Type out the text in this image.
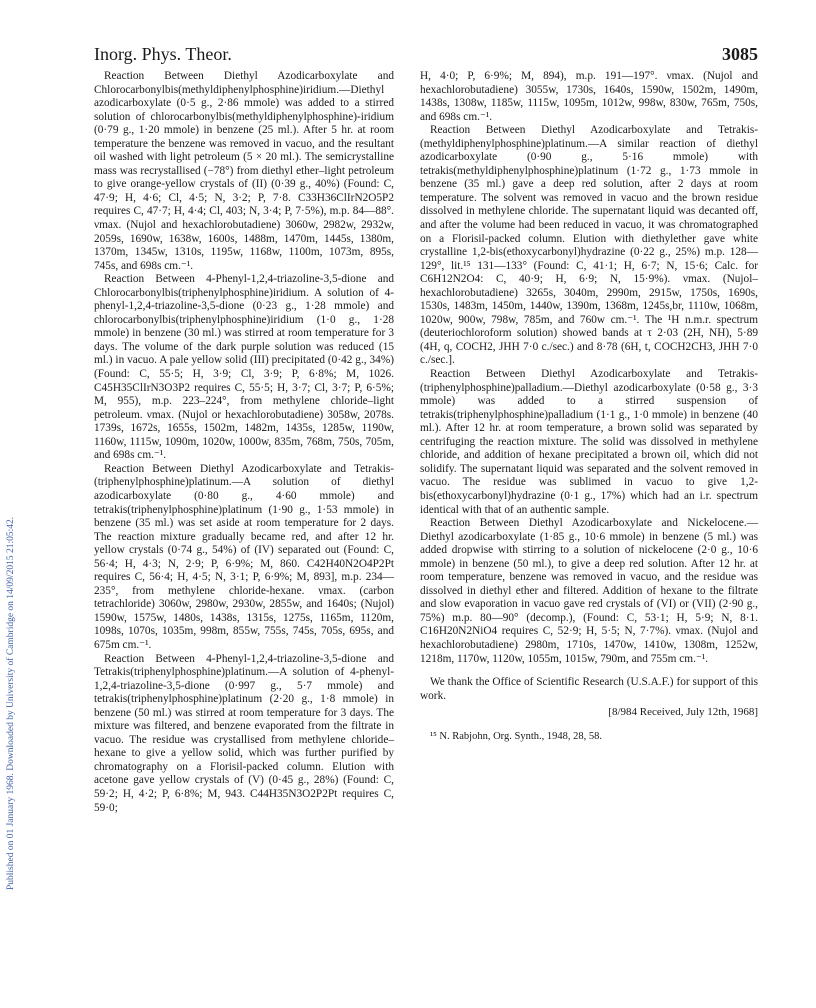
Published on 01 January 1968. Downloaded by University of Cambridge on 14/09/2015 21:05:42.
Inorg. Phys. Theor.	3085

Reaction Between Diethyl Azodicarboxylate and Chlorocarbonylbis(methyldiphenylphosphine)iridium.—Diethyl azodicarboxylate (0·5 g., 2·86 mmole) was added to a stirred solution of chlorocarbonylbis(methyldiphenylphosphine)-iridium (0·79 g., 1·20 mmole) in benzene (25 ml.). After 5 hr. at room temperature the benzene was removed in vacuo, and the resultant oil washed with light petroleum (5 × 20 ml.). The semicrystalline mass was recrystallised (−78°) from diethyl ether–light petroleum to give orange-yellow crystals of (II) (0·39 g., 40%) (Found: C, 47·9; H, 4·6; Cl, 4·5; N, 3·2; P, 7·8. C33H36ClIrN2O5P2 requires C, 47·7; H, 4·4; Cl, 403; N, 3·4; P, 7·5%), m.p. 84—88°. νmax. (Nujol and hexachlorobutadiene) 3060w, 2982w, 2932w, 2059s, 1690w, 1638w, 1600s, 1488m, 1470m, 1445s, 1380m, 1370m, 1345w, 1310s, 1195w, 1168w, 1100m, 1073m, 895s, 745s, and 698s cm.⁻¹.

Reaction Between 4-Phenyl-1,2,4-triazoline-3,5-dione and Chlorocarbonylbis(triphenylphosphine)iridium. A solution of 4-phenyl-1,2,4-triazoline-3,5-dione (0·23 g., 1·28 mmole) and chlorocarbonylbis(triphenylphosphine)iridium (1·0 g., 1·28 mmole) in benzene (30 ml.) was stirred at room temperature for 3 days. The volume of the dark purple solution was reduced (15 ml.) in vacuo. A pale yellow solid (III) precipitated (0·42 g., 34%) (Found: C, 55·5; H, 3·9; Cl, 3·9; P, 6·8%; M, 1026. C45H35ClIrN3O3P2 requires C, 55·5; H, 3·7; Cl, 3·7; P, 6·5%; M, 955), m.p. 223–224°, from methylene chloride–light petroleum. νmax. (Nujol or hexachlorobutadiene) 3058w, 2078s. 1739s, 1672s, 1655s, 1502m, 1482m, 1435s, 1285w, 1190w, 1160w, 1115w, 1090m, 1020w, 1000w, 835m, 768m, 750s, 705m, and 698s cm.⁻¹.

Reaction Between Diethyl Azodicarboxylate and Tetrakis-(triphenylphosphine)platinum.—A solution of diethyl azodicarboxylate (0·80 g., 4·60 mmole) and tetrakis(triphenylphosphine)platinum (1·90 g., 1·53 mmole) in benzene (35 ml.) was set aside at room temperature for 2 days. The reaction mixture gradually became red, and after 12 hr. yellow crystals (0·74 g., 54%) of (IV) separated out (Found: C, 56·4; H, 4·3; N, 2·9; P, 6·9%; M, 860. C42H40N2O4P2Pt requires C, 56·4; H, 4·5; N, 3·1; P, 6·9%; M, 893], m.p. 234—235°, from methylene chloride-hexane. νmax. (carbon tetrachloride) 3060w, 2980w, 2930w, 2855w, and 1640s; (Nujol) 1590w, 1575w, 1480s, 1438s, 1315s, 1275s, 1165m, 1120m, 1098s, 1070s, 1035m, 998m, 855w, 755s, 745s, 705s, 695s, and 675m cm.⁻¹.

Reaction Between 4-Phenyl-1,2,4-triazoline-3,5-dione and Tetrakis(triphenylphosphine)platinum.—A solution of 4-phenyl-1,2,4-triazoline-3,5-dione (0·997 g., 5·7 mmole) and tetrakis(triphenylphosphine)platinum (2·20 g., 1·8 mmole) in benzene (50 ml.) was stirred at room temperature for 3 days. The mixture was filtered, and benzene evaporated from the filtrate in vacuo. The residue was crystallised from methylene chloride–hexane to give a yellow solid, which was further purified by chromatography on a Florisil-packed column. Elution with acetone gave yellow crystals of (V) (0·45 g., 28%) (Found: C, 59·2; H, 4·2; P, 6·8%; M, 943. C44H35N3O2P2Pt requires C, 59·0;

H, 4·0; P, 6·9%; M, 894), m.p. 191—197°. νmax. (Nujol and hexachlorobutadiene) 3055w, 1730s, 1640s, 1590w, 1502m, 1490m, 1438s, 1308w, 1185w, 1115w, 1095m, 1012w, 998w, 830w, 765m, 750s, and 698s cm.⁻¹.

Reaction Between Diethyl Azodicarboxylate and Tetrakis-(methyldiphenylphosphine)platinum.—A similar reaction of diethyl azodicarboxylate (0·90 g., 5·16 mmole) with tetrakis(methyldiphenylphosphine)platinum (1·72 g., 1·73 mmole in benzene (35 ml.) gave a deep red solution, after 2 days at room temperature. The solvent was removed in vacuo and the brown residue dissolved in methylene chloride. The supernatant liquid was decanted off, and after the volume had been reduced in vacuo, it was chromatographed on a Florisil-packed column. Elution with diethylether gave white crystalline 1,2-bis(ethoxycarbonyl)hydrazine (0·22 g., 25%) m.p. 128—129°, lit.¹⁵ 131—133° (Found: C, 41·1; H, 6·7; N, 15·6; Calc. for C6H12N2O4: C, 40·9; H, 6·9; N, 15·9%). νmax. (Nujol–hexachlorobutadiene) 3265s, 3040m, 2990m, 2915w, 1750s, 1690s, 1530s, 1483m, 1450m, 1440w, 1390m, 1368m, 1245s,br, 1110w, 1068m, 1020w, 900w, 798w, 785m, and 760w cm.⁻¹. The ¹H n.m.r. spectrum (deuteriochloroform solution) showed bands at τ 2·03 (2H, NH), 5·89 (4H, q, COCH2, JHH 7·0 c./sec.) and 8·78 (6H, t, COCH2CH3, JHH 7·0 c./sec.].

Reaction Between Diethyl Azodicarboxylate and Tetrakis-(triphenylphosphine)palladium.—Diethyl azodicarboxylate (0·58 g., 3·3 mmole) was added to a stirred suspension of tetrakis(triphenylphosphine)palladium (1·1 g., 1·0 mmole) in benzene (40 ml.). After 12 hr. at room temperature, a brown solid was separated by centrifuging the reaction mixture. The solid was dissolved in methylene chloride, and addition of hexane precipitated a brown oil, which did not solidify. The supernatant liquid was separated and the solvent removed in vacuo. The residue was sublimed in vacuo to give 1,2-bis(ethoxycarbonyl)hydrazine (0·1 g., 17%) which had an i.r. spectrum identical with that of an authentic sample.

Reaction Between Diethyl Azodicarboxylate and Nickelocene.—Diethyl azodicarboxylate (1·85 g., 10·6 mmole) in benzene (5 ml.) was added dropwise with stirring to a solution of nickelocene (2·0 g., 10·6 mmole) in benzene (50 ml.), to give a deep red solution. After 12 hr. at room temperature, benzene was removed in vacuo, and the residue was dissolved in diethyl ether and filtered. Addition of hexane to the filtrate and slow evaporation in vacuo gave red crystals of (VI) or (VII) (2·90 g., 75%) m.p. 80—90° (decomp.), (Found: C, 53·1; H, 5·9; N, 8·1. C16H20N2NiO4 requires C, 52·9; H, 5·5; N, 7·7%). νmax. (Nujol and hexachlorobutadiene) 2980m, 1710s, 1470w, 1410w, 1308m, 1252w, 1218m, 1170w, 1120w, 1055m, 1015w, 790m, and 755m cm.⁻¹.

We thank the Office of Scientific Research (U.S.A.F.) for support of this work.

[8/984 Received, July 12th, 1968]
¹⁵ N. Rabjohn, Org. Synth., 1948, 28, 58.
